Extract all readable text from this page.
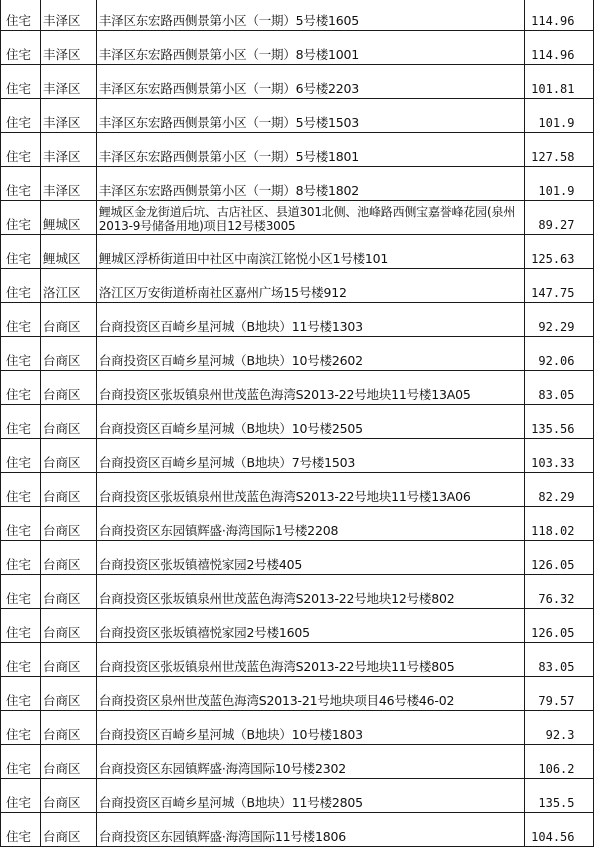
住宅	丰泽区	丰泽区东宏路西侧景第小区（一期）5号楼1605	114.96	
住宅	丰泽区	丰泽区东宏路西侧景第小区（一期）8号楼1001	114.96	
住宅	丰泽区	丰泽区东宏路西侧景第小区（一期）6号楼2203	101.81	
住宅	丰泽区	丰泽区东宏路西侧景第小区（一期）5号楼1503	101.9	
住宅	丰泽区	丰泽区东宏路西侧景第小区（一期）5号楼1801	127.58	
住宅	丰泽区	丰泽区东宏路西侧景第小区（一期）8号楼1802	101.9	
住宅	鲤城区	鲤城区金龙街道后坑、古店社区、县道301北侧、池峰路西侧宝嘉誉峰花园(泉州2013-9号储备用地)项目12号楼3005	89.27	
住宅	鲤城区	鲤城区浮桥街道田中社区中南滨江铭悦小区1号楼101	125.63	
住宅	洛江区	洛江区万安街道桥南社区嘉州广场15号楼912	147.75	
住宅	台商区	台商投资区百崎乡星河城（B地块）11号楼1303	92.29	
住宅	台商区	台商投资区百崎乡星河城（B地块）10号楼2602	92.06	
住宅	台商区	台商投资区张坂镇泉州世茂蓝色海湾S2013-22号地块11号楼13A05	83.05	
住宅	台商区	台商投资区百崎乡星河城（B地块）10号楼2505	135.56	
住宅	台商区	台商投资区百崎乡星河城（B地块）7号楼1503	103.33	
住宅	台商区	台商投资区张坂镇泉州世茂蓝色海湾S2013-22号地块11号楼13A06	82.29	
住宅	台商区	台商投资区东园镇辉盛·海湾国际1号楼2208	118.02	
住宅	台商区	台商投资区张坂镇禧悦家园2号楼405	126.05	
住宅	台商区	台商投资区张坂镇泉州世茂蓝色海湾S2013-22号地块12号楼802	76.32	
住宅	台商区	台商投资区张坂镇禧悦家园2号楼1605	126.05	
住宅	台商区	台商投资区张坂镇泉州世茂蓝色海湾S2013-22号地块11号楼805	83.05	
住宅	台商区	台商投资区泉州世茂蓝色海湾S2013-21号地块项目46号楼46-02	79.57	
住宅	台商区	台商投资区百崎乡星河城（B地块）10号楼1803	92.3	
住宅	台商区	台商投资区东园镇辉盛·海湾国际10号楼2302	106.2	
住宅	台商区	台商投资区百崎乡星河城（B地块）11号楼2805	135.5	
住宅	台商区	台商投资区东园镇辉盛·海湾国际11号楼1806	104.56	
